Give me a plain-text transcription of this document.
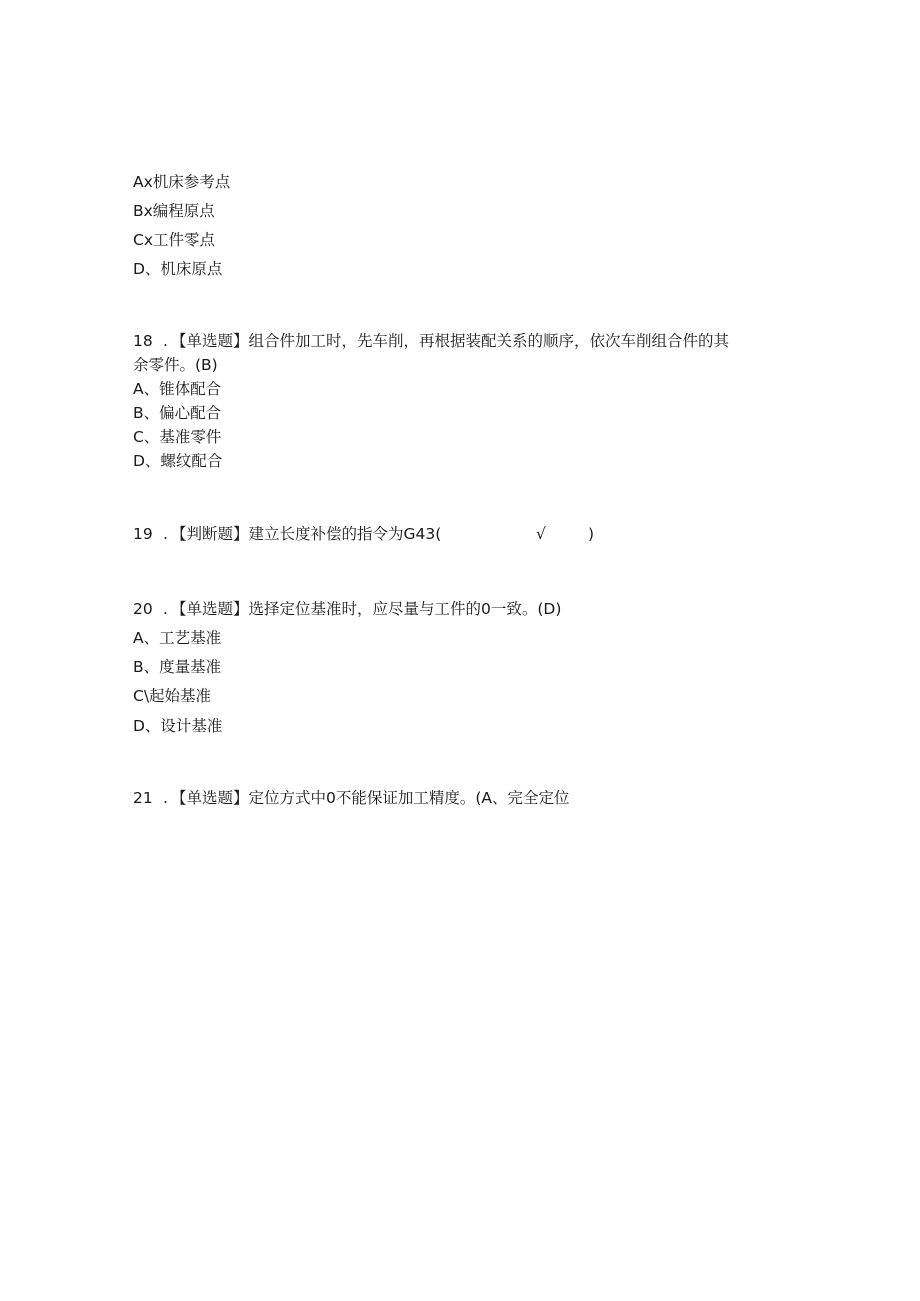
Ax机床参考点
Bx编程原点
Cx工件零点
D、机床原点
18 . 【单选题】组合件加工时，先车削，再根据装配关系的顺序，依次车削组合件的其
余零件。(B)
A、锥体配合
B、偏心配合
C、基准零件
D、螺纹配合
19 . 【判断题】建立长度补偿的指令为G43(	√	)
20 . 【单选题】选择定位基准时，应尽量与工件的0一致。(D)
A、工艺基准
B、度量基准
C\起始基准
D、设计基准
21 . 【单选题】定位方式中0不能保证加工精度。(A、完全定位
